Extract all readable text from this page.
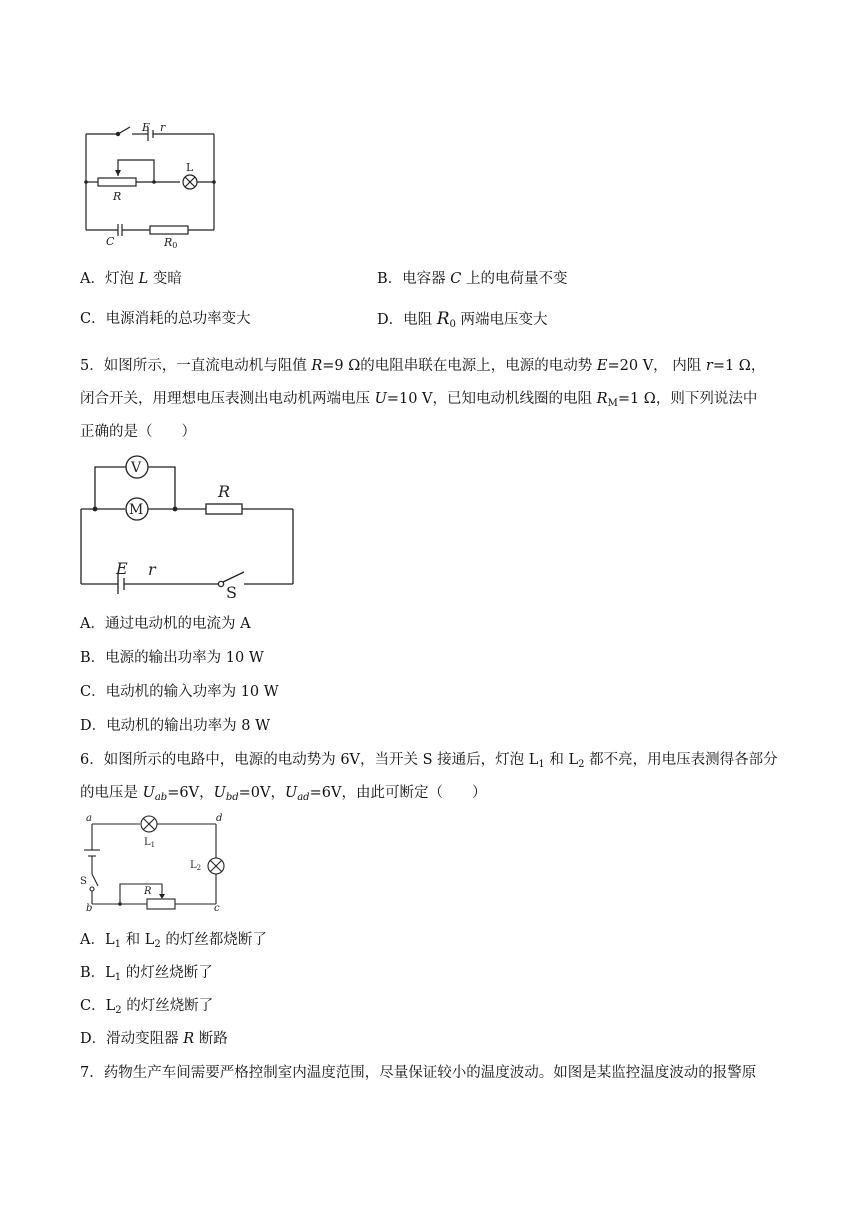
E r
R
C	R0
L
A．灯泡 L 变暗	B．电容器 C 上的电荷量不变
C．电源消耗的总功率变大	D．电阻 $R_0$ 两端电压变大
5．如图所示，一直流电动机与阻值 R=9 Ω的电阻串联在电源上，电源的电动势 E=20 V， 内阻 r=1 Ω，
闭合开关，用理想电压表测出电动机两端电压 U=10 V，已知电动机线圈的电阻 $R_M=1$ Ω，则下列说法中
正确的是（　　）
V
M
R
E r
S
A．通过电动机的电流为 A
B．电源的输出功率为 10 W
C．电动机的输入功率为 10 W
D．电动机的输出功率为 8 W
6．如图所示的电路中，电源的电动势为 6V，当开关 S 接通后，灯泡 $L_1$ 和 $L_2$ 都不亮，用电压表测得各部分
的电压是 $U_{ab}=6V$，$U_{bd}=0V$，$U_{ad}=6V$，由此可断定（　　）
a
b	c
d
$L_1$
$L_2$
S
R
A．$L_1$ 和 $L_2$ 的灯丝都烧断了
B．$L_1$ 的灯丝烧断了
C．$L_2$ 的灯丝烧断了
D．滑动变阻器 R 断路
7．药物生产车间需要严格控制室内温度范围，尽量保证较小的温度波动。如图是某监控温度波动的报警原
